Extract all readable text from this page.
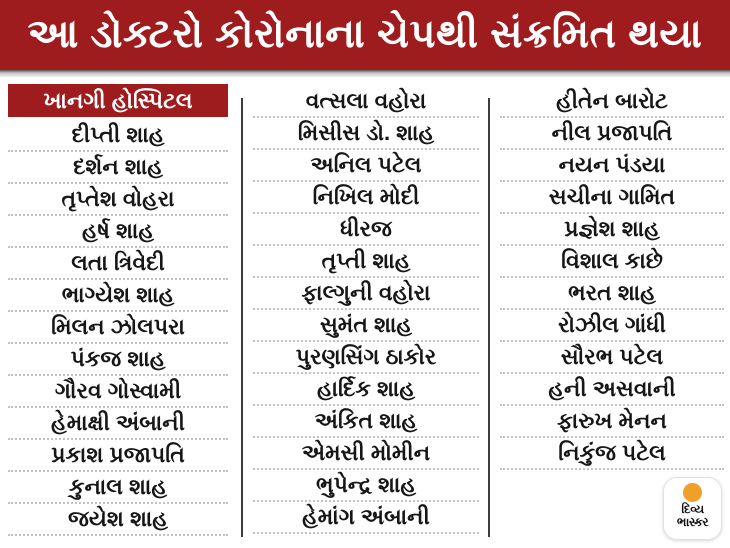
આ ડોક્ટરો કોરોનાના ચેપથી સંક્રમિત થયા
ખાનગી હોસ્પિટલ
દીપ્તી શાહ
દર્શન શાહ
તૃપ્તેશ વોહરા
હર્ષ શાહ
લતા ત્રિવેદી
ભાગ્યેશ શાહ
મિલન ઝોલપરા
પંકજ શાહ
ગૌરવ ગોસ્વામી
હેમાક્ષી અંબાની
પ્રકાશ પ્રજાપતિ
કુનાલ શાહ
જયેશ શાહ
વત્સલા વહોરા
મિસીસ ડો. શાહ
અનિલ પટેલ
નિખિલ મોદી
ધીરજ
તૃપ્તી શાહ
ફાલ્ગુની વહોરા
સુમંત શાહ
પુરણસિંગ ઠાકોર
હાર્દિક શાહ
અંકિત શાહ
એમસી મોમીન
ભુપેન્દ્ર શાહ
હેમાંગ અંબાની
હીતેન બારોટ
નીલ પ્રજાપતિ
નયન પંડયા
સચીના ગામિત
પ્રજ્ઞેશ શાહ
વિશાલ કાછે
ભરત શાહ
રોઝીલ ગાંધી
સૌરભ પટેલ
હની અસવાની
ફારુખ મેનન
નિકુંજ પટેલ
દિવ્ય
ભાસ્કર
